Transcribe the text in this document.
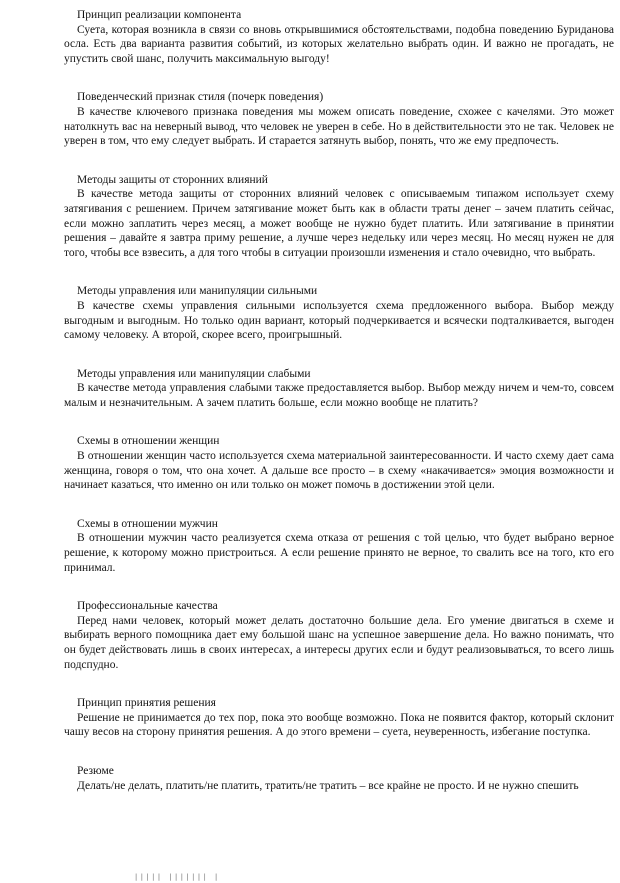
Принцип реализации компонента
Суета, которая возникла в связи со вновь открывшимися обстоятельствами, подобна поведению Буриданова осла. Есть два варианта развития событий, из которых желательно выбрать один. И важно не прогадать, не упустить свой шанс, получить максимальную выгоду!
Поведенческий признак стиля (почерк поведения)
В качестве ключевого признака поведения мы можем описать поведение, схожее с качелями. Это может натолкнуть вас на неверный вывод, что человек не уверен в себе. Но в действительности это не так. Человек не уверен в том, что ему следует выбрать. И старается затянуть выбор, понять, что же ему предпочесть.
Методы защиты от сторонних влияний
В качестве метода защиты от сторонних влияний человек с описываемым типажом использует схему затягивания с решением. Причем затягивание может быть как в области траты денег – зачем платить сейчас, если можно заплатить через месяц, а может вообще не нужно будет платить. Или затягивание в принятии решения – давайте я завтра приму решение, а лучше через недельку или через месяц. Но месяц нужен не для того, чтобы все взвесить, а для того чтобы в ситуации произошли изменения и стало очевидно, что выбрать.
Методы управления или манипуляции сильными
В качестве схемы управления сильными используется схема предложенного выбора. Выбор между выгодным и выгодным. Но только один вариант, который подчеркивается и всячески подталкивается, выгоден самому человеку. А второй, скорее всего, проигрышный.
Методы управления или манипуляции слабыми
В качестве метода управления слабыми также предоставляется выбор. Выбор между ничем и чем-то, совсем малым и незначительным. А зачем платить больше, если можно вообще не платить?
Схемы в отношении женщин
В отношении женщин часто используется схема материальной заинтересованности. И часто схему дает сама женщина, говоря о том, что она хочет. А дальше все просто – в схему «накачивается» эмоция возможности и начинает казаться, что именно он или только он может помочь в достижении этой цели.
Схемы в отношении мужчин
В отношении мужчин часто реализуется схема отказа от решения с той целью, что будет выбрано верное решение, к которому можно пристроиться. А если решение принято не верное, то свалить все на того, кто его принимал.
Профессиональные качества
Перед нами человек, который может делать достаточно большие дела. Его умение двигаться в схеме и выбирать верного помощника дает ему большой шанс на успешное завершение дела. Но важно понимать, что он будет действовать лишь в своих интересах, а интересы других если и будут реализовываться, то всего лишь подспудно.
Принцип принятия решения
Решение не принимается до тех пор, пока это вообще возможно. Пока не появится фактор, который склонит чашу весов на сторону принятия решения. А до этого времени – суета, неуверенность, избегание поступка.
Резюме
Делать/не делать, платить/не платить, тратить/не тратить – все крайне не просто. И не нужно спешить
||||| ||||||| |
